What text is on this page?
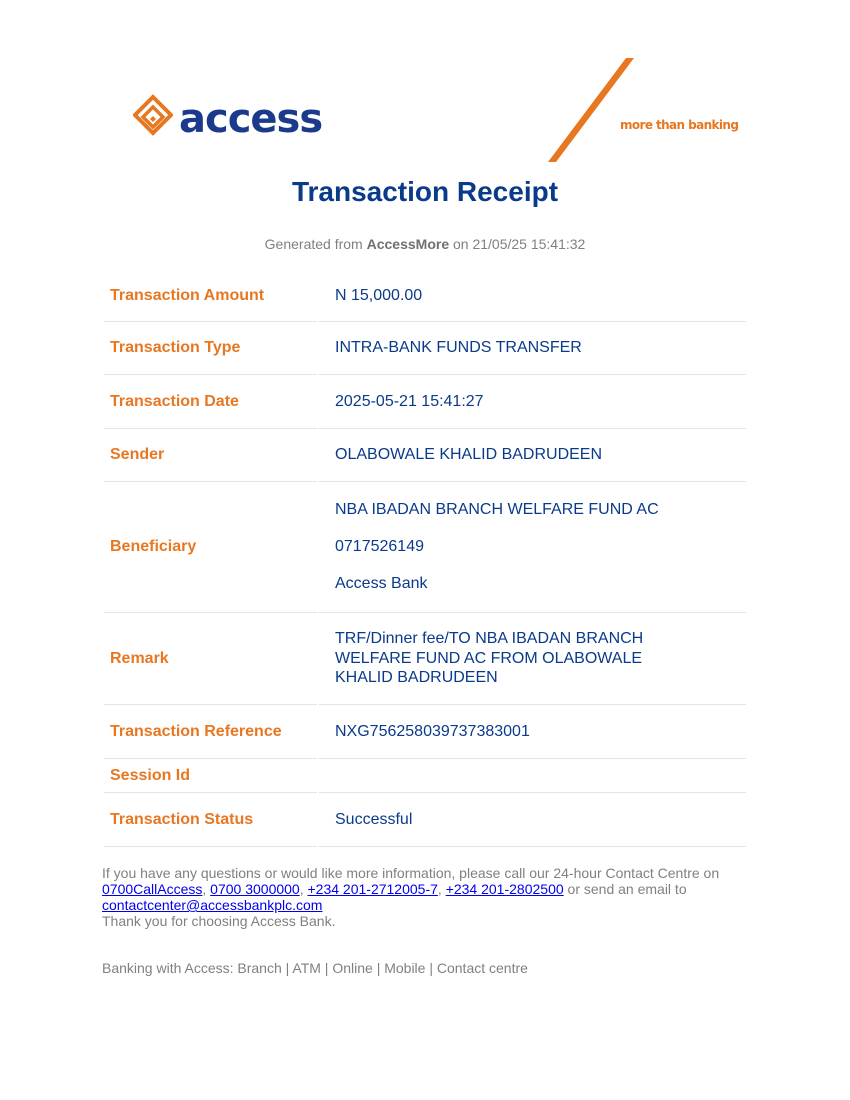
access	more than banking
Transaction Receipt
Generated from AccessMore on 21/05/25 15:41:32
Transaction Amount	N 15,000.00
Transaction Type	INTRA-BANK FUNDS TRANSFER
Transaction Date	2025-05-21 15:41:27
Sender	OLABOWALE KHALID BADRUDEEN
Beneficiary	NBA IBADAN BRANCH WELFARE FUND AC

0717526149

Access Bank

Remark	TRF/Dinner fee/TO NBA IBADAN BRANCH WELFARE FUND AC FROM OLABOWALE KHALID BADRUDEEN
Transaction Reference	NXG756258039737383001
Session Id	
Transaction Status	Successful
If you have any questions or would like more information, please call our 24-hour Contact Centre on
0700CallAccess, 0700 3000000, +234 201-2712005-7, +234 201-2802500 or send an email to
contactcenter@accessbankplc.com
Thank you for choosing Access Bank.
Banking with Access: Branch | ATM | Online | Mobile | Contact centre
